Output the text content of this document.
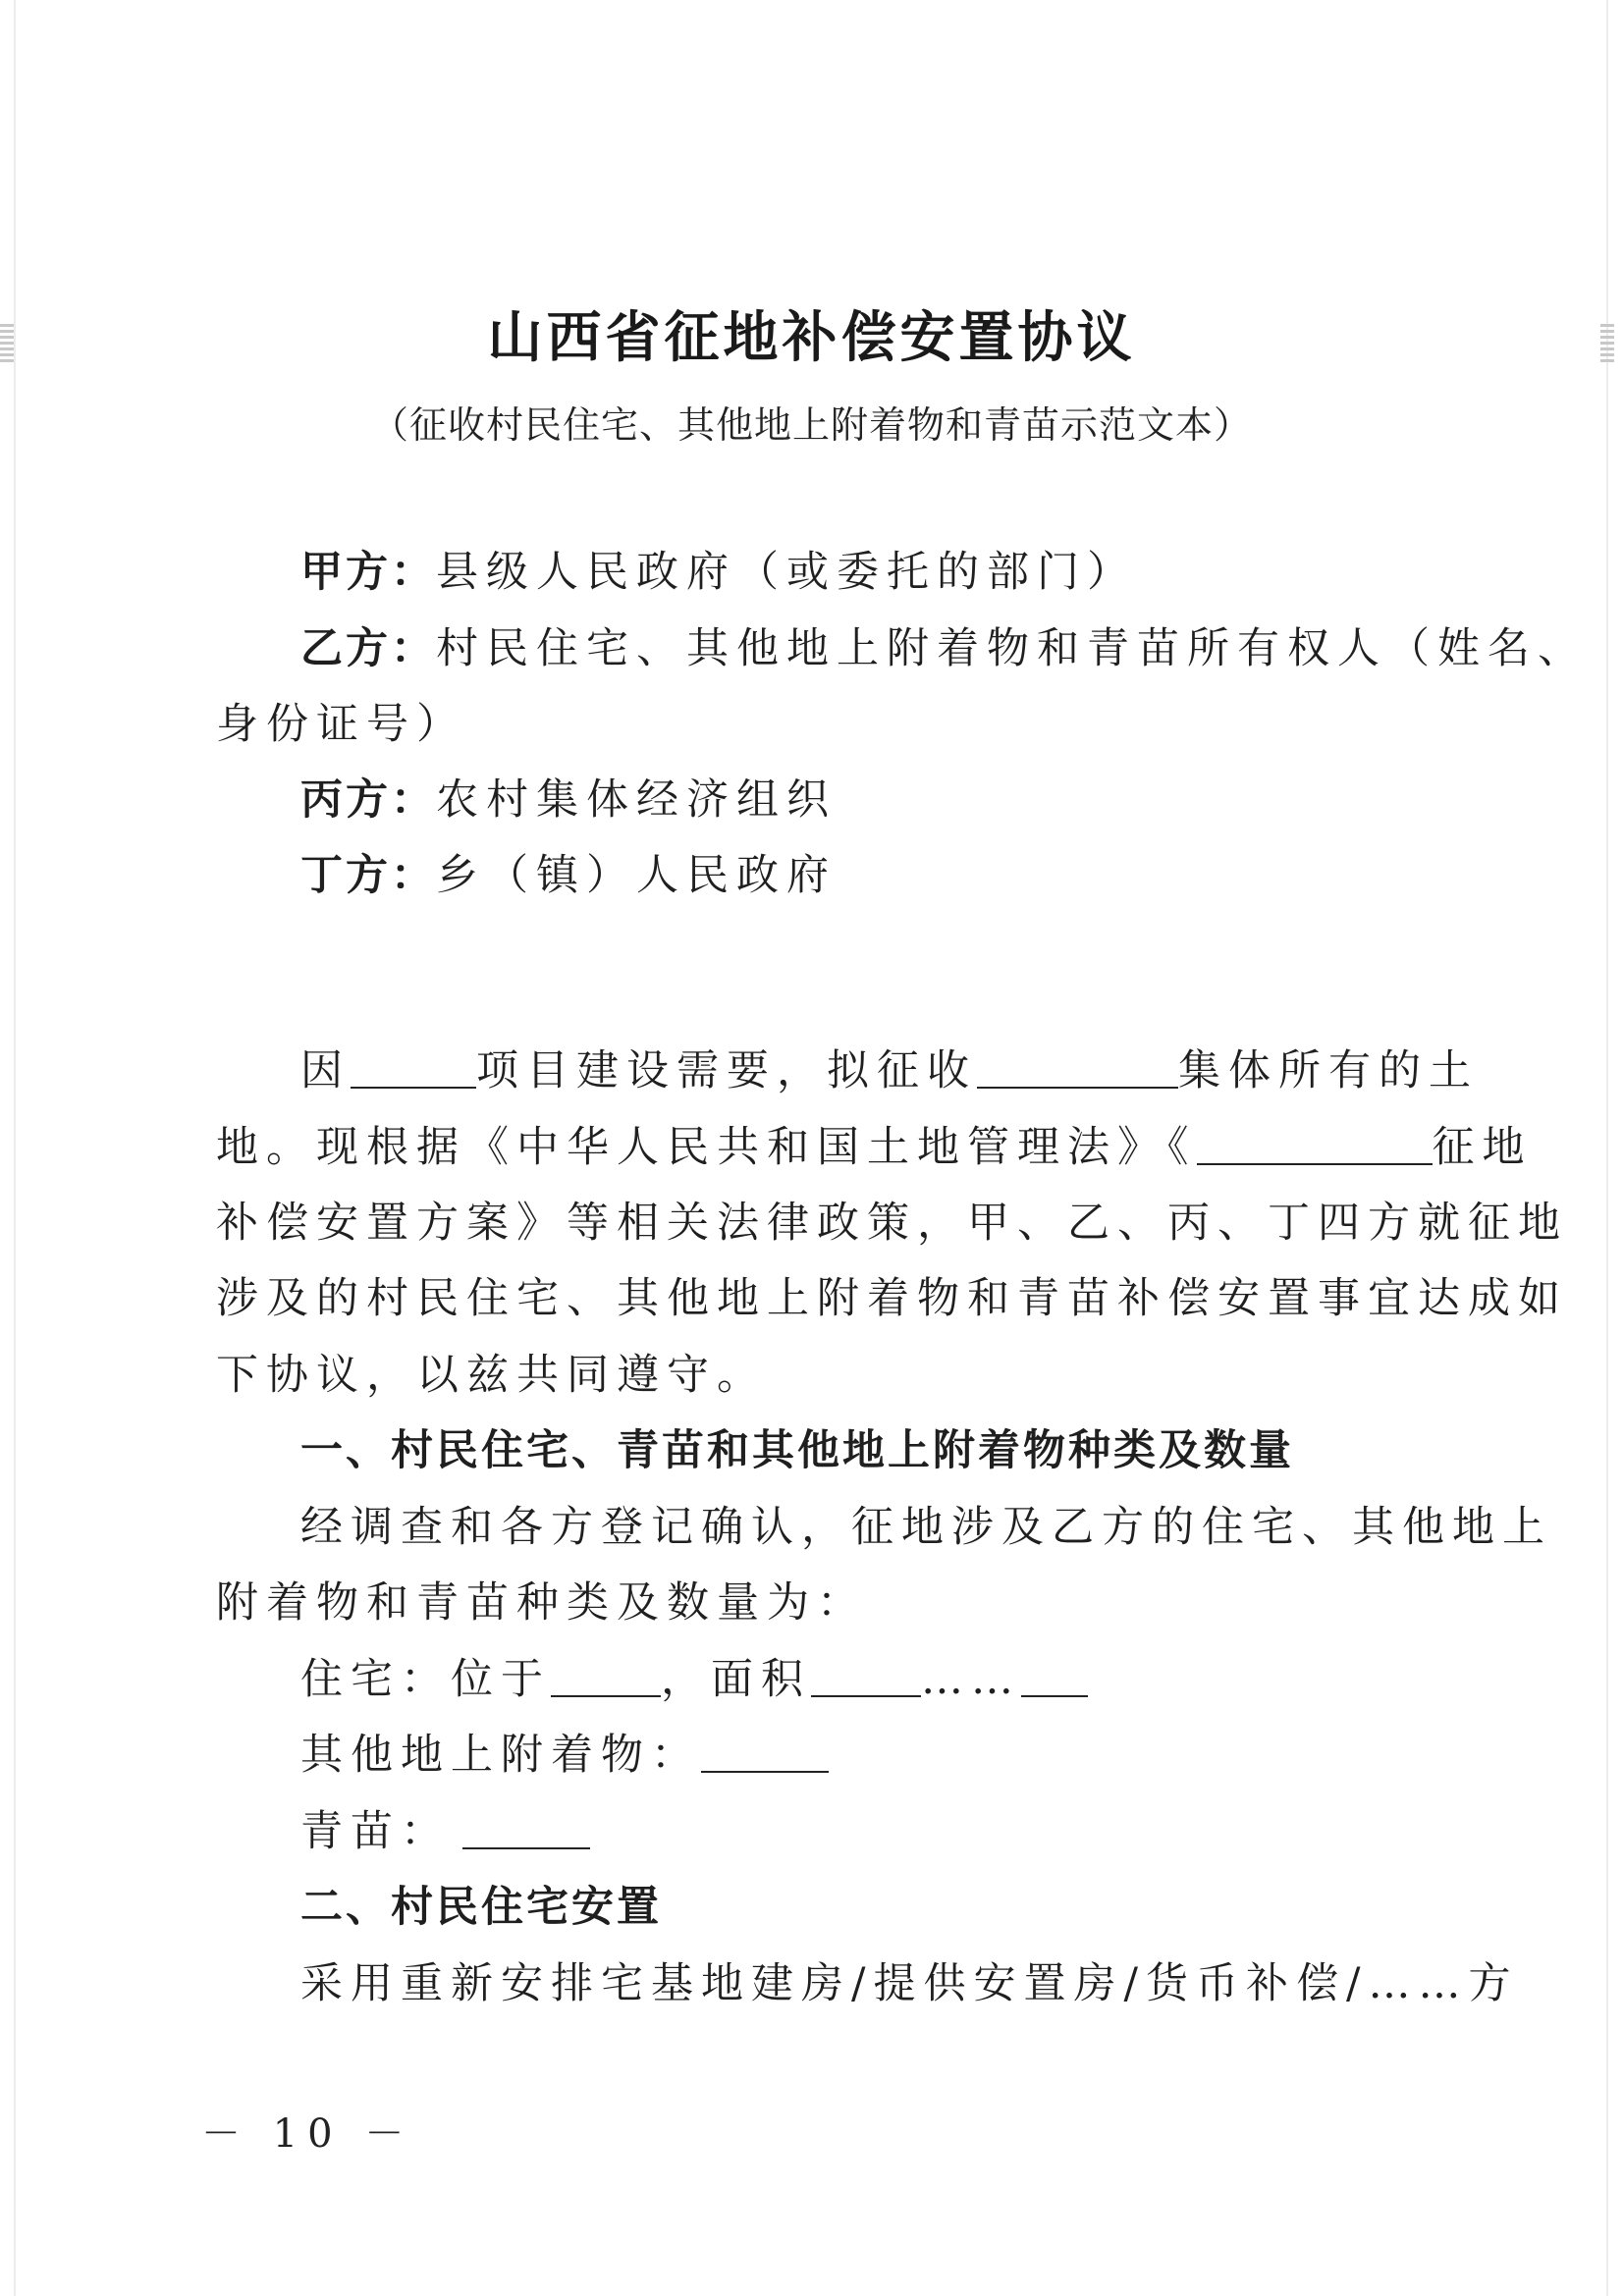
山西省征地补偿安置协议
（征收村民住宅、其他地上附着物和青苗示范文本）
甲方：县级人民政府（或委托的部门）
乙方：村民住宅、其他地上附着物和青苗所有权人（姓名、
身份证号）
丙方：农村集体经济组织
丁方：乡（镇）人民政府
因	项目建设需要，拟征收	集体所有的土
地。现根据《中华人民共和国土地管理法》《	征地
补偿安置方案》等相关法律政策，甲、乙、丙、丁四方就征地
涉及的村民住宅、其他地上附着物和青苗补偿安置事宜达成如
下协议，以兹共同遵守。
一、村民住宅、青苗和其他地上附着物种类及数量
经调查和各方登记确认，征地涉及乙方的住宅、其他地上
附着物和青苗种类及数量为：
住宅：位于	，面积	……
其他地上附着物：
青苗：
二、村民住宅安置
采用重新安排宅基地建房/提供安置房/货币补偿/……方
－ 10 －
